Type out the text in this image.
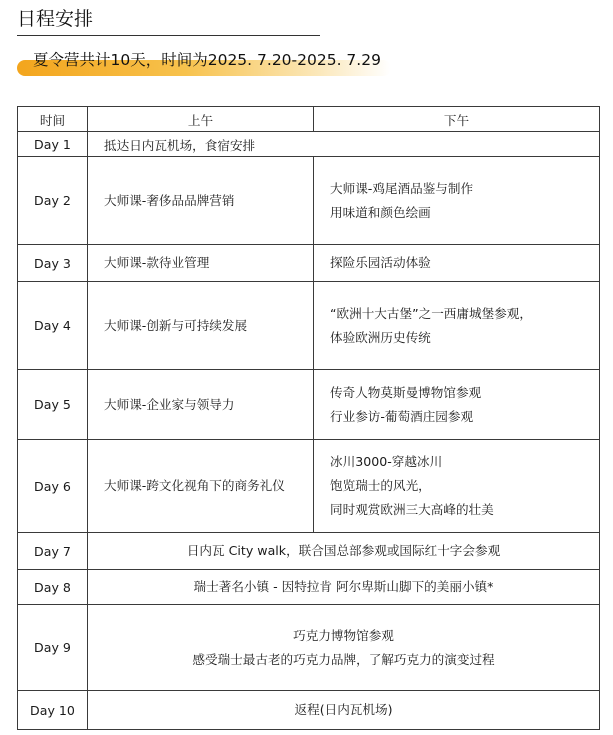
日程安排
夏令营共计10天，时间为2025. 7.20-2025. 7.29
时间	上午	下午
Day 1	抵达日内瓦机场，食宿安排	
Day 2	大师课-奢侈品品牌营销	大师课-鸡尾酒品鉴与制作
用味道和颜色绘画

Day 3	大师课-款待业管理	探险乐园活动体验

Day 4	大师课-创新与可持续发展	“欧洲十大古堡”之一西庸城堡参观，
体验欧洲历史传统

Day 5	大师课-企业家与领导力	传奇人物莫斯曼博物馆参观
行业参访-葡萄酒庄园参观

Day 6	大师课-跨文化视角下的商务礼仪	冰川3000-穿越冰川
饱览瑞士的风光，
同时观赏欧洲三大高峰的壮美

Day 7	日内瓦 City walk，联合国总部参观或国际红十字会参观	
Day 8	瑞士著名小镇 - 因特拉肯 阿尔卑斯山脚下的美丽小镇*	
Day 9	巧克力博物馆参观
感受瑞士最古老的巧克力品牌，了解巧克力的演变过程	

Day 10	返程(日内瓦机场)	
